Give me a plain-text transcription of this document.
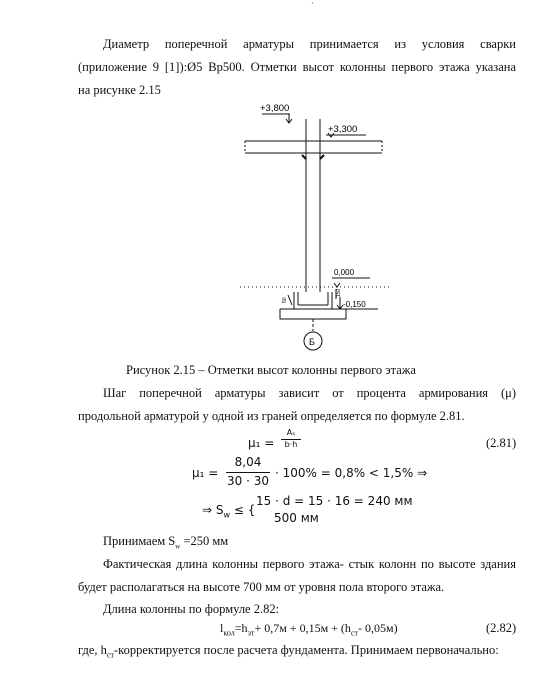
·
Диаметр поперечной арматуры принимается из условия сварки
(приложение 9 [1]):Ø5 Вр500. Отметки высот колонны первого этажа указана
на рисунке 2.15
+3,800
+3,300
0,000
-0,150
50
150
Б
Рисунок 2.15 – Отметки высот колонны первого этажа
Шаг поперечной арматуры зависит от процента армирования (μ)
продольной арматурой у одной из граней определяется по формуле 2.81.
μ₁ =
Aₛ
b·h	(2.81)
μ₁ =
8,04
30 · 30
· 100% = 0,8% < 1,5% ⇒
⇒ $S_w$ ≤ {
15 · d = 15 · 16 = 240 мм
500 мм
Принимаем $S_w =250$ мм
Фактическая длина колонны первого этажа- стык колонн по высоте здания
будет располагаться на высоте 700 мм от уровня пола второго этажа.
Длина колонны по формуле 2.82:
$l_{кол}=h_{эт}+ 0,7м + 0,15м + (h_{ст}-$ 0,05м)	(2.82)
где, $h_{ст}$-корректируется после расчета фундамента. Принимаем первоначально:
